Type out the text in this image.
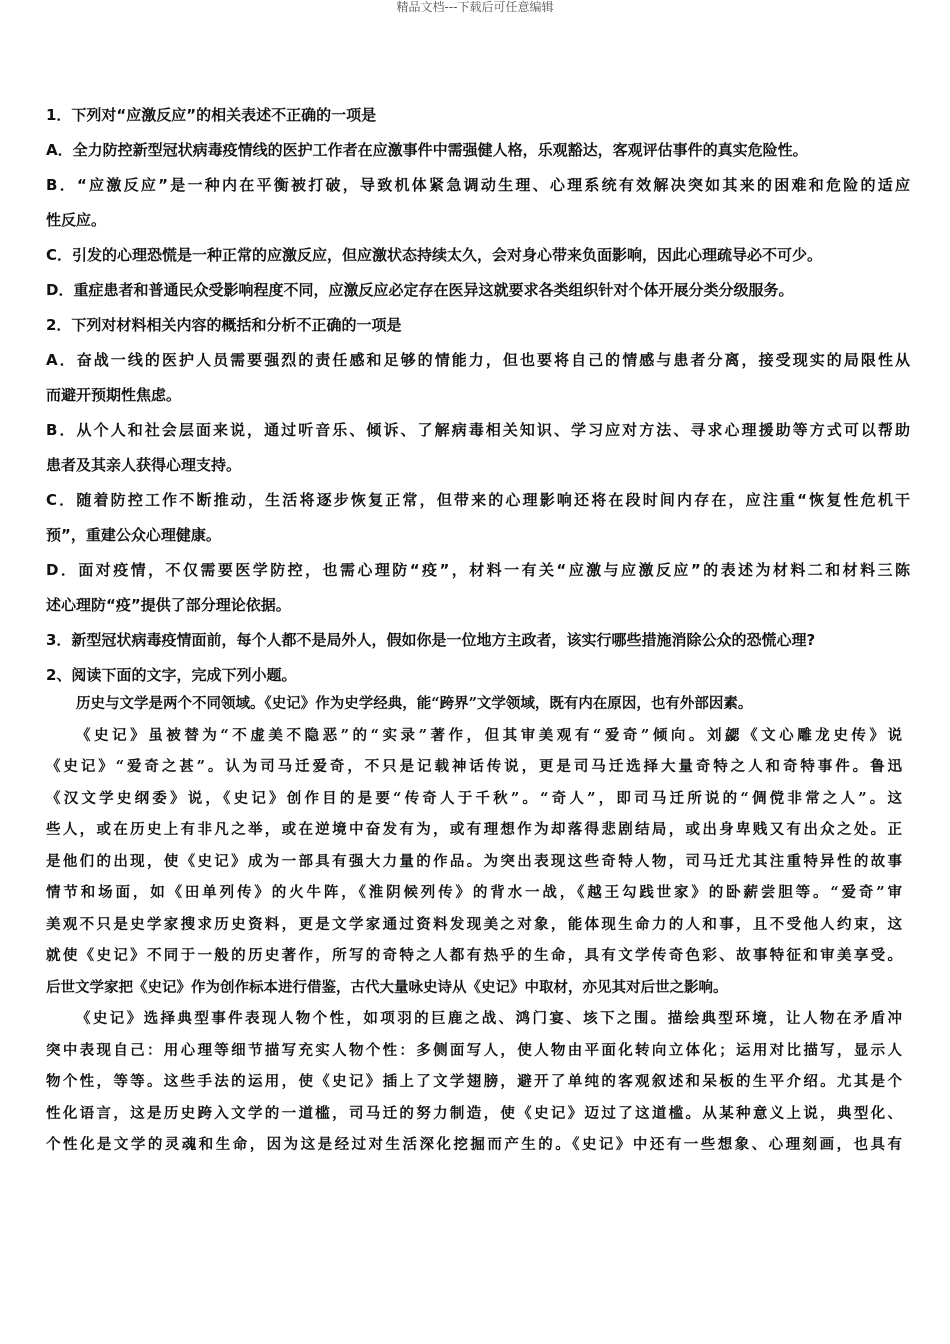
精品文档---下载后可任意编辑
1．下列对“应激反应”的相关表述不正确的一项是
A．全力防控新型冠状病毒疫情线的医护工作者在应激事件中需强健人格，乐观豁达，客观评估事件的真实危险性。
B．“应激反应”是一种内在平衡被打破，导致机体紧急调动生理、心理系统有效解决突如其来的困难和危险的适应
性反应。
C．引发的心理恐慌是一种正常的应激反应，但应激状态持续太久，会对身心带来负面影响，因此心理疏导必不可少。
D．重症患者和普通民众受影响程度不同，应激反应必定存在医异这就要求各类组织针对个体开展分类分级服务。
2．下列对材料相关内容的概括和分析不正确的一项是
A．奋战一线的医护人员需要强烈的责任感和足够的情能力，但也要将自己的情感与患者分离，接受现实的局限性从
而避开预期性焦虑。
B．从个人和社会层面来说，通过听音乐、倾诉、了解病毒相关知识、学习应对方法、寻求心理援助等方式可以帮助
患者及其亲人获得心理支持。
C．随着防控工作不断推动，生活将逐步恢复正常，但带来的心理影响还将在段时间内存在，应注重“恢复性危机干
预”，重建公众心理健康。
D．面对疫情，不仅需要医学防控，也需心理防“疫”，材料一有关“应激与应激反应”的表述为材料二和材料三陈
述心理防“疫”提供了部分理论依据。
3．新型冠状病毒疫情面前，每个人都不是局外人，假如你是一位地方主政者，该实行哪些措施消除公众的恐慌心理?
2、阅读下面的文字，完成下列小题。
历史与文学是两个不同领域。《史记》作为史学经典，能“跨界”文学领域，既有内在原因，也有外部因素。
《史记》虽被替为“不虚美不隐恶”的“实录”著作，但其审美观有“爱奇”倾向。刘勰《文心雕龙史传》说
《史记》“爱奇之甚”。认为司马迁爱奇，不只是记载神话传说，更是司马迁选择大量奇特之人和奇特事件。鲁迅
《汉文学史纲委》说，《史记》创作目的是要“传奇人于千秋”。“奇人”，即司马迁所说的“倜傥非常之人”。这
些人，或在历史上有非凡之举，或在逆境中奋发有为，或有理想作为却落得悲剧结局，或出身卑贱又有出众之处。正
是他们的出现，使《史记》成为一部具有强大力量的作品。为突出表现这些奇特人物，司马迁尤其注重特异性的故事
情节和场面，如《田单列传》的火牛阵，《淮阴候列传》的背水一战，《越王勾践世家》的卧薪尝胆等。“爱奇”审
美观不只是史学家搜求历史资料，更是文学家通过资料发现美之对象，能体现生命力的人和事，且不受他人约束，这
就使《史记》不同于一般的历史著作，所写的奇特之人都有热乎的生命，具有文学传奇色彩、故事特征和审美享受。
后世文学家把《史记》作为创作标本进行借鉴，古代大量咏史诗从《史记》中取材，亦见其对后世之影响。
《史记》选择典型事件表现人物个性，如项羽的巨鹿之战、鸿门宴、垓下之围。描绘典型环境，让人物在矛盾冲
突中表现自己：用心理等细节描写充实人物个性：多侧面写人，使人物由平面化转向立体化；运用对比描写，显示人
物个性，等等。这些手法的运用，使《史记》插上了文学翅膀，避开了单纯的客观叙述和呆板的生平介绍。尤其是个
性化语言，这是历史跨入文学的一道槛，司马迁的努力制造，使《史记》迈过了这道槛。从某种意义上说，典型化、
个性化是文学的灵魂和生命，因为这是经过对生活深化挖掘而产生的。《史记》中还有一些想象、心理刻画，也具有
